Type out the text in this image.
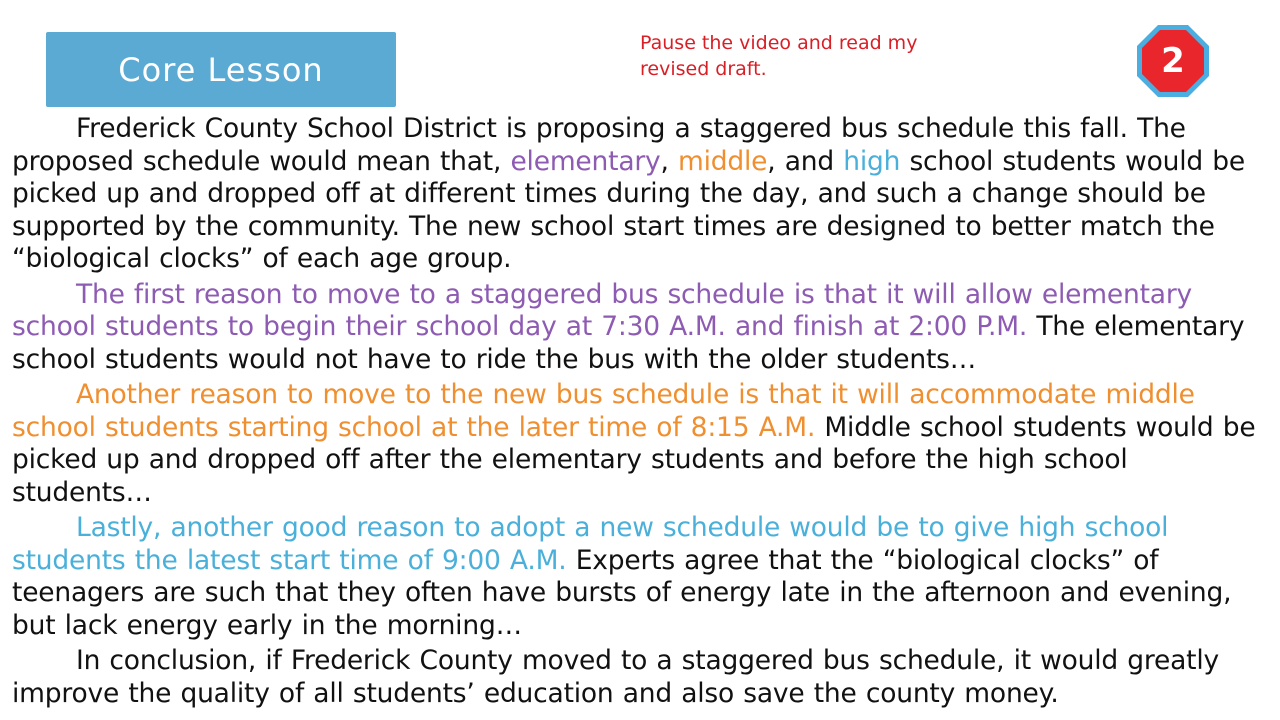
Core Lesson
Pause the video and read my
revised draft.	2

Frederick County School District is proposing a staggered bus schedule this fall. The proposed schedule would mean that, elementary, middle, and high school students would be picked up and dropped off at different times during the day, and such a change should be supported by the community. The new school start times are designed to better match the “biological clocks” of each age group.

The first reason to move to a staggered bus schedule is that it will allow elementary school students to begin their school day at 7:30 A.M. and finish at 2:00 P.M. The elementary school students would not have to ride the bus with the older students…

Another reason to move to the new bus schedule is that it will accommodate middle school students starting school at the later time of 8:15 A.M. Middle school students would be picked up and dropped off after the elementary students and before the high school students…

Lastly, another good reason to adopt a new schedule would be to give high school students the latest start time of 9:00 A.M. Experts agree that the “biological clocks” of teenagers are such that they often have bursts of energy late in the afternoon and evening, but lack energy early in the morning…

In conclusion, if Frederick County moved to a staggered bus schedule, it would greatly improve the quality of all students’ education and also save the county money.
